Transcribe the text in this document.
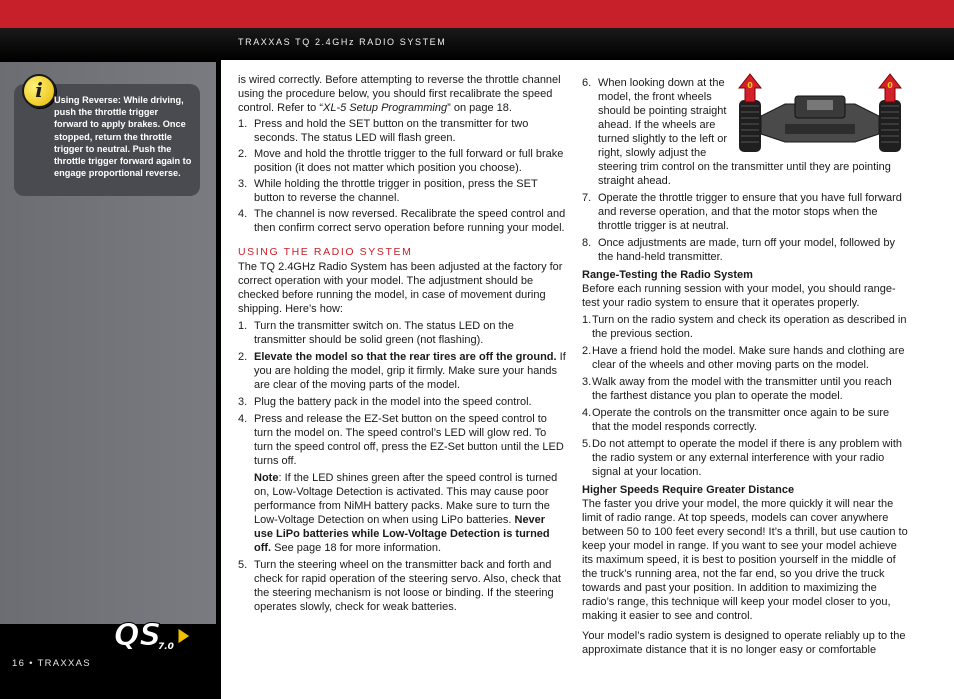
TRAXXAS TQ 2.4GHz RADIO SYSTEM
i	Using Reverse: While driving, push the throttle trigger forward to apply brakes. Once stopped, return the throttle trigger to neutral. Push the throttle trigger forward again to engage proportional reverse.
QS
7.0
16 • TRAXXAS

is wired correctly. Before attempting to reverse the throttle channel using the procedure below, you should first recalibrate the speed control. Refer to “XL-5 Setup Programming” on page 18.

1. Press and hold the SET button on the transmitter for two seconds. The status LED will flash green.

2. Move and hold the throttle trigger to the full forward or full brake position (it does not matter which position you choose).

3. While holding the throttle trigger in position, press the SET button to reverse the channel.

4. The channel is now reversed. Recalibrate the speed control and then confirm correct servo operation before running your model.

USING THE RADIO SYSTEM

The TQ 2.4GHz Radio System has been adjusted at the factory for correct operation with your model. The adjustment should be checked before running the model, in case of movement during shipping. Here’s how:

1. Turn the transmitter switch on. The status LED on the transmitter should be solid green (not flashing).

2. Elevate the model so that the rear tires are off the ground. If you are holding the model, grip it firmly. Make sure your hands are clear of the moving parts of the model.

3. Plug the battery pack in the model into the speed control.

4. Press and release the EZ-Set button on the speed control to turn the model on. The speed control’s LED will glow red. To turn the speed control off, press the EZ-Set button until the LED turns off.

Note: If the LED shines green after the speed control is turned on, Low-Voltage Detection is activated. This may cause poor performance from NiMH battery packs. Make sure to turn the Low-Voltage Detection on when using LiPo batteries. Never use LiPo batteries while Low-Voltage Detection is turned off. See page 18 for more information.

5. Turn the steering wheel on the transmitter back and forth and check for rapid operation of the steering servo. Also, check that the steering mechanism is not loose or binding. If the steering operates slowly, check for weak batteries.

0	0

6. When looking down at the model, the front wheels should be pointing straight ahead. If the wheels are turned slightly to the left or right, slowly adjust the steering trim control on the transmitter until they are pointing straight ahead.

7. Operate the throttle trigger to ensure that you have full forward and reverse operation, and that the motor stops when the throttle trigger is at neutral.

8. Once adjustments are made, turn off your model, followed by the hand-held transmitter.

Range-Testing the Radio System

Before each running session with your model, you should range-test your radio system to ensure that it operates properly.

1. Turn on the radio system and check its operation as described in the previous section.

2. Have a friend hold the model. Make sure hands and clothing are clear of the wheels and other moving parts on the model.

3. Walk away from the model with the transmitter until you reach the farthest distance you plan to operate the model.

4. Operate the controls on the transmitter once again to be sure that the model responds correctly.

5. Do not attempt to operate the model if there is any problem with the radio system or any external interference with your radio signal at your location.

Higher Speeds Require Greater Distance

The faster you drive your model, the more quickly it will near the limit of radio range. At top speeds, models can cover anywhere between 50 to 100 feet every second! It’s a thrill, but use caution to keep your model in range. If you want to see your model achieve its maximum speed, it is best to position yourself in the middle of the truck’s running area, not the far end, so you drive the truck towards and past your position. In addition to maximizing the radio’s range, this technique will keep your model closer to you, making it easier to see and control.

Your model’s radio system is designed to operate reliably up to the approximate distance that it is no longer easy or comfortable
